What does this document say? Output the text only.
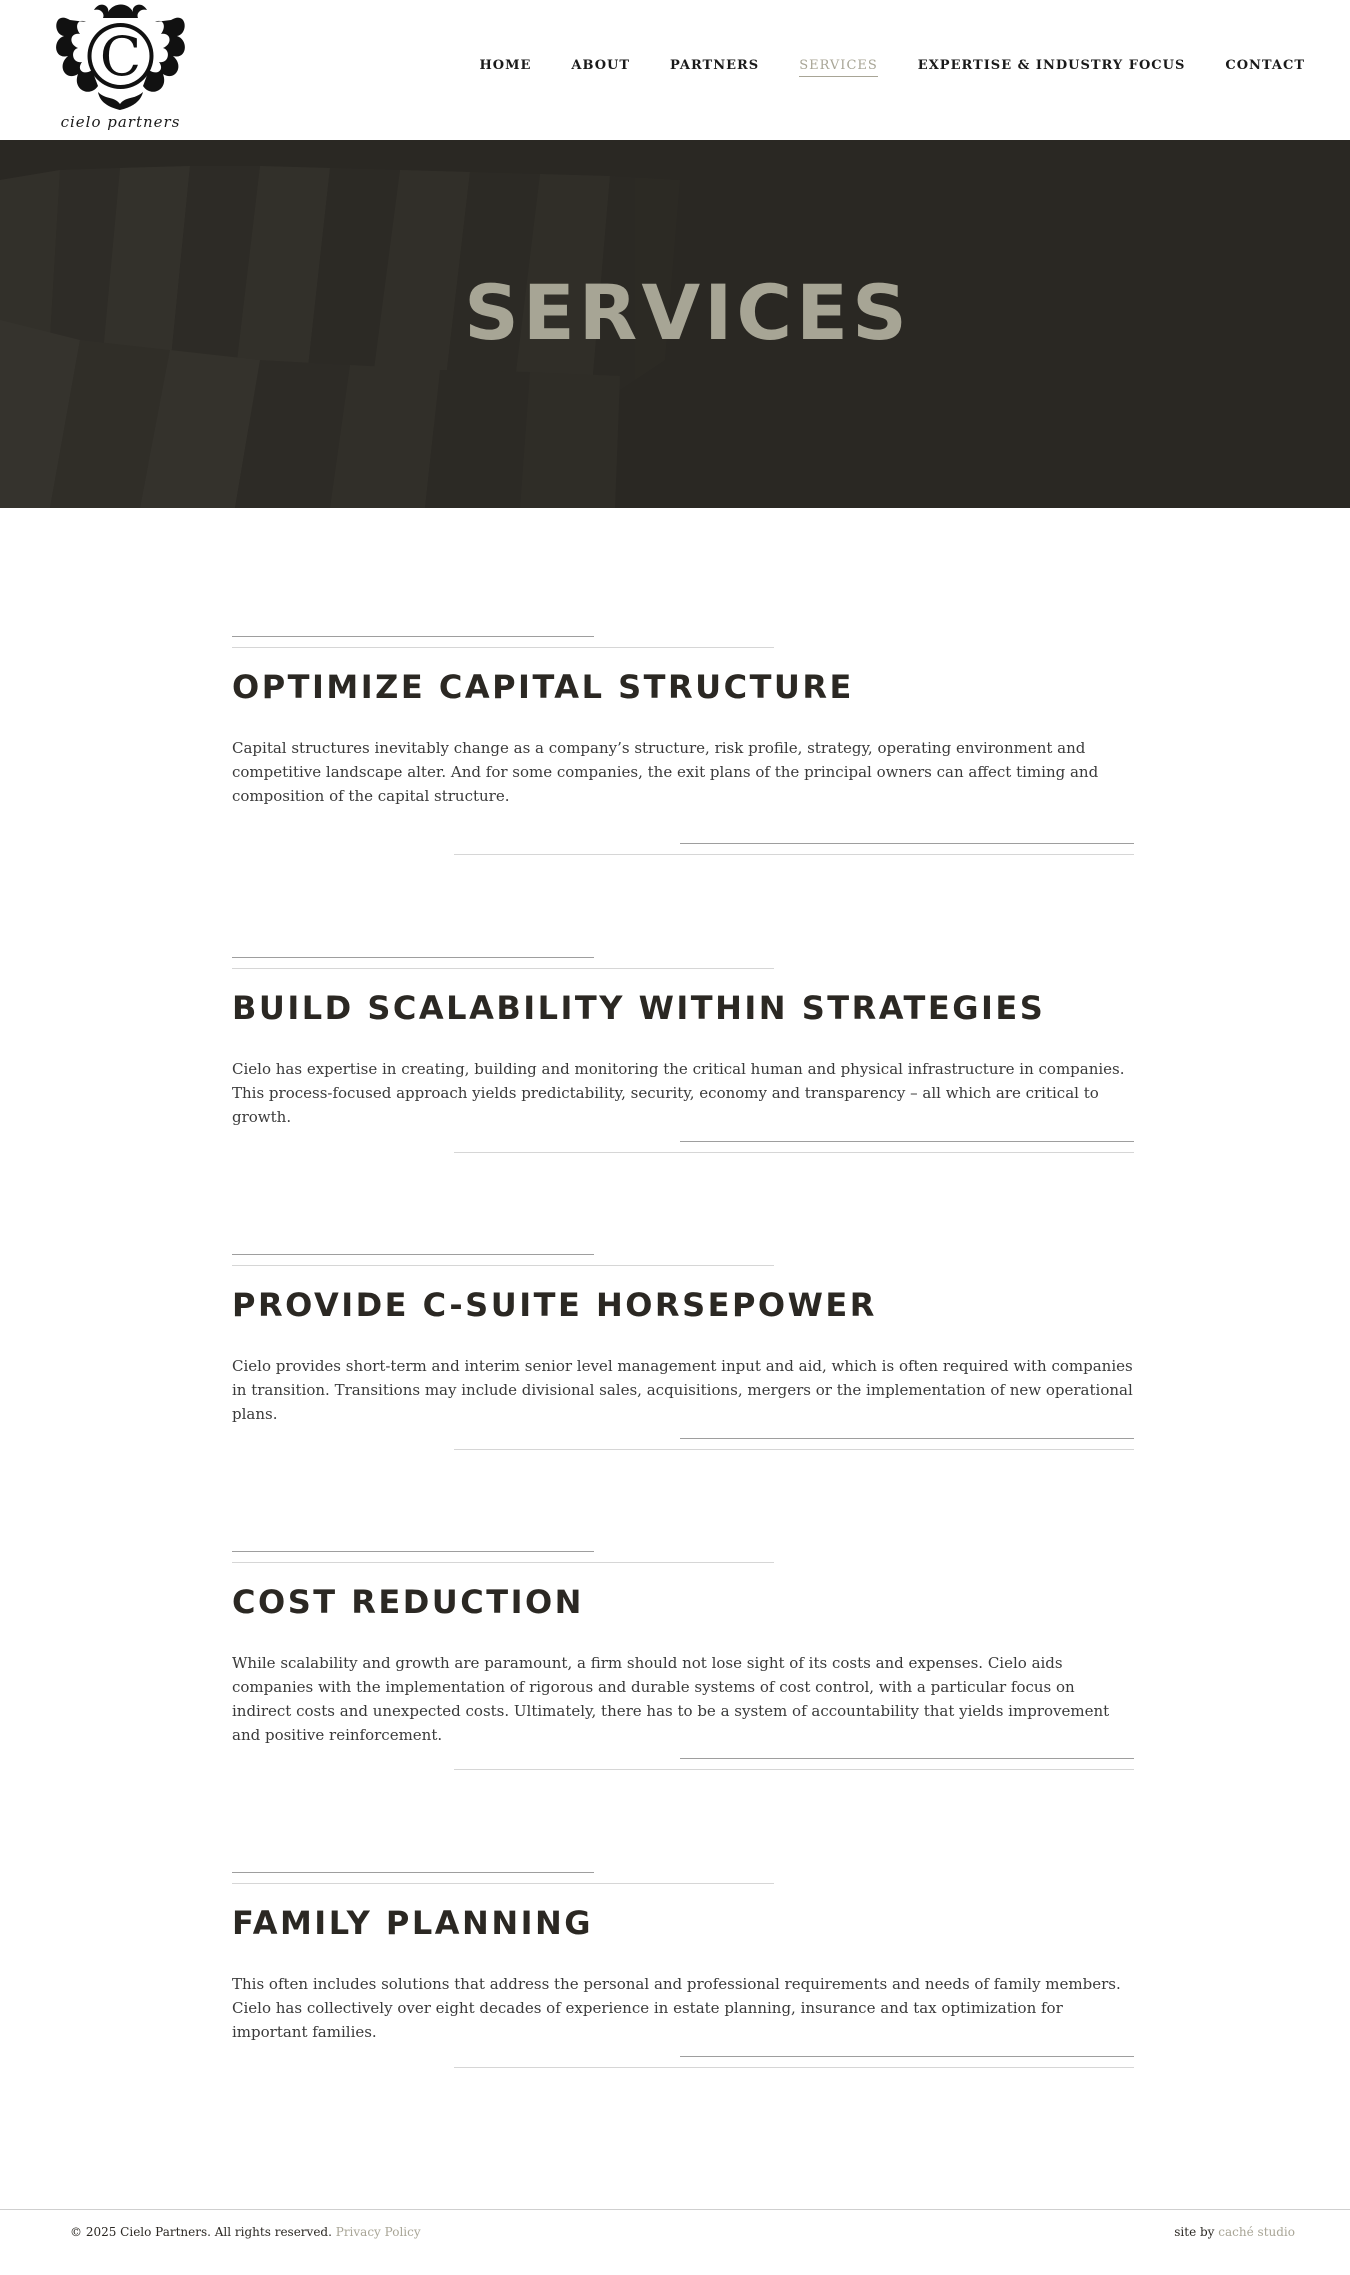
C
cielo partners
HOME	ABOUT	PARTNERS	SERVICES	EXPERTISE & INDUSTRY FOCUS	CONTACT
SERVICES
OPTIMIZE CAPITAL STRUCTURE

Capital structures inevitably change as a company’s structure, risk profile, strategy, operating environment and competitive landscape alter. And for some companies, the exit plans of the principal owners can affect timing and composition of the capital structure.

BUILD SCALABILITY WITHIN STRATEGIES

Cielo has expertise in creating, building and monitoring the critical human and physical infrastructure in companies. This process-focused approach yields predictability, security, economy and transparency – all which are critical to growth.

PROVIDE C-SUITE HORSEPOWER

Cielo provides short-term and interim senior level management input and aid, which is often required with companies in transition. Transitions may include divisional sales, acquisitions, mergers or the implementation of new operational plans.

COST REDUCTION

While scalability and growth are paramount, a firm should not lose sight of its costs and expenses. Cielo aids companies with the implementation of rigorous and durable systems of cost control, with a particular focus on indirect costs and unexpected costs. Ultimately, there has to be a system of accountability that yields improvement and positive reinforcement.

FAMILY PLANNING

This often includes solutions that address the personal and professional requirements and needs of family members. Cielo has collectively over eight decades of experience in estate planning, insurance and tax optimization for important families.

© 2025 Cielo Partners. All rights reserved. Privacy Policy	site by caché studio
